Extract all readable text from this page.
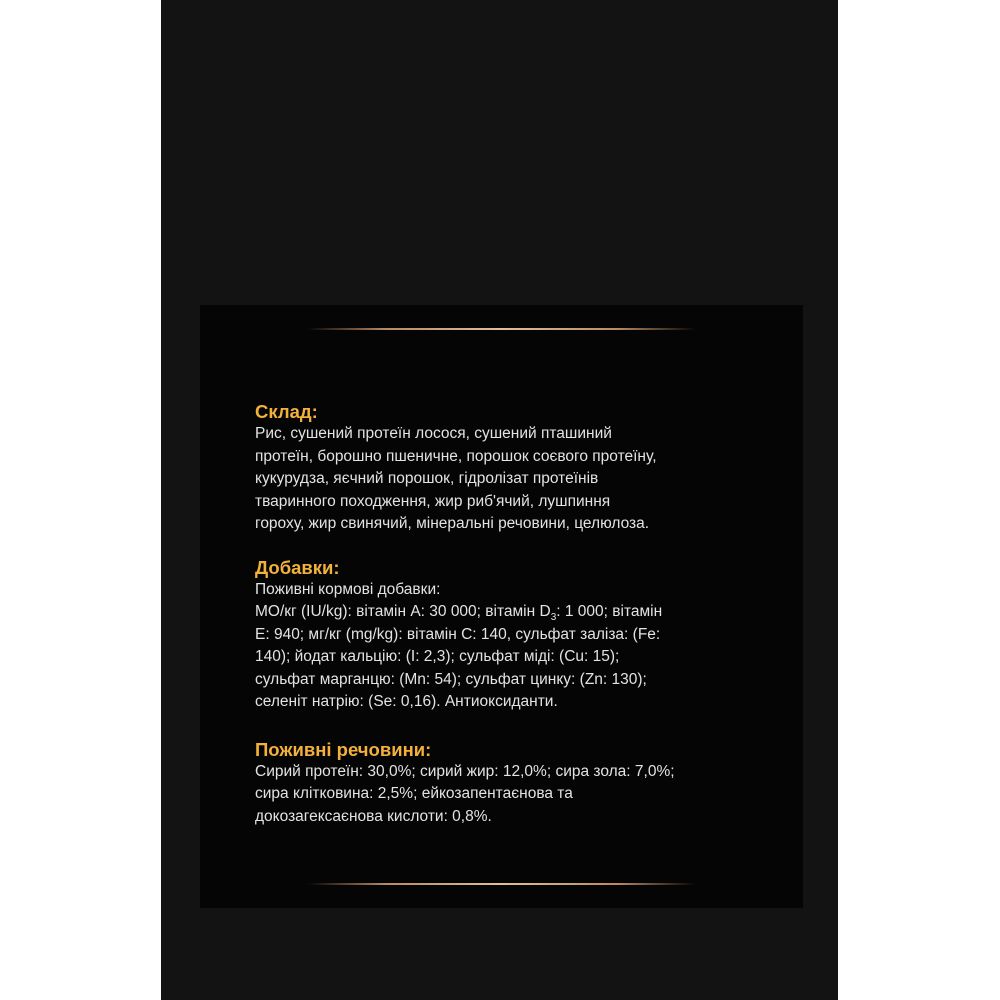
Склад:

Рис, сушений протеїн лосося, сушений пташиний
протеїн, борошно пшеничне, порошок соєвого протеїну,
кукурудза, яєчний порошок, гідролізат протеїнів
тваринного походження, жир риб'ячий, лушпиння
гороху, жир свинячий, мінеральні речовини, целюлоза.

Добавки:

Поживні кормові добавки:
МО/кг (IU/kg): вітамін А: 30 000; вітамін $D_3$: 1 000; вітамін
Е: 940; мг/кг (mg/kg): вітамін С: 140, сульфат заліза: (Fe:
140); йодат кальцію: (I: 2,3); сульфат міді: (Cu: 15);
сульфат марганцю: (Mn: 54); сульфат цинку: (Zn: 130);
селеніт натрію: (Se: 0,16). Антиоксиданти.

Поживні речовини:

Сирий протеїн: 30,0%; сирий жир: 12,0%; сира зола: 7,0%;
сира клітковина: 2,5%; ейкозапентаєнова та
докозагексаєнова кислоти: 0,8%.
